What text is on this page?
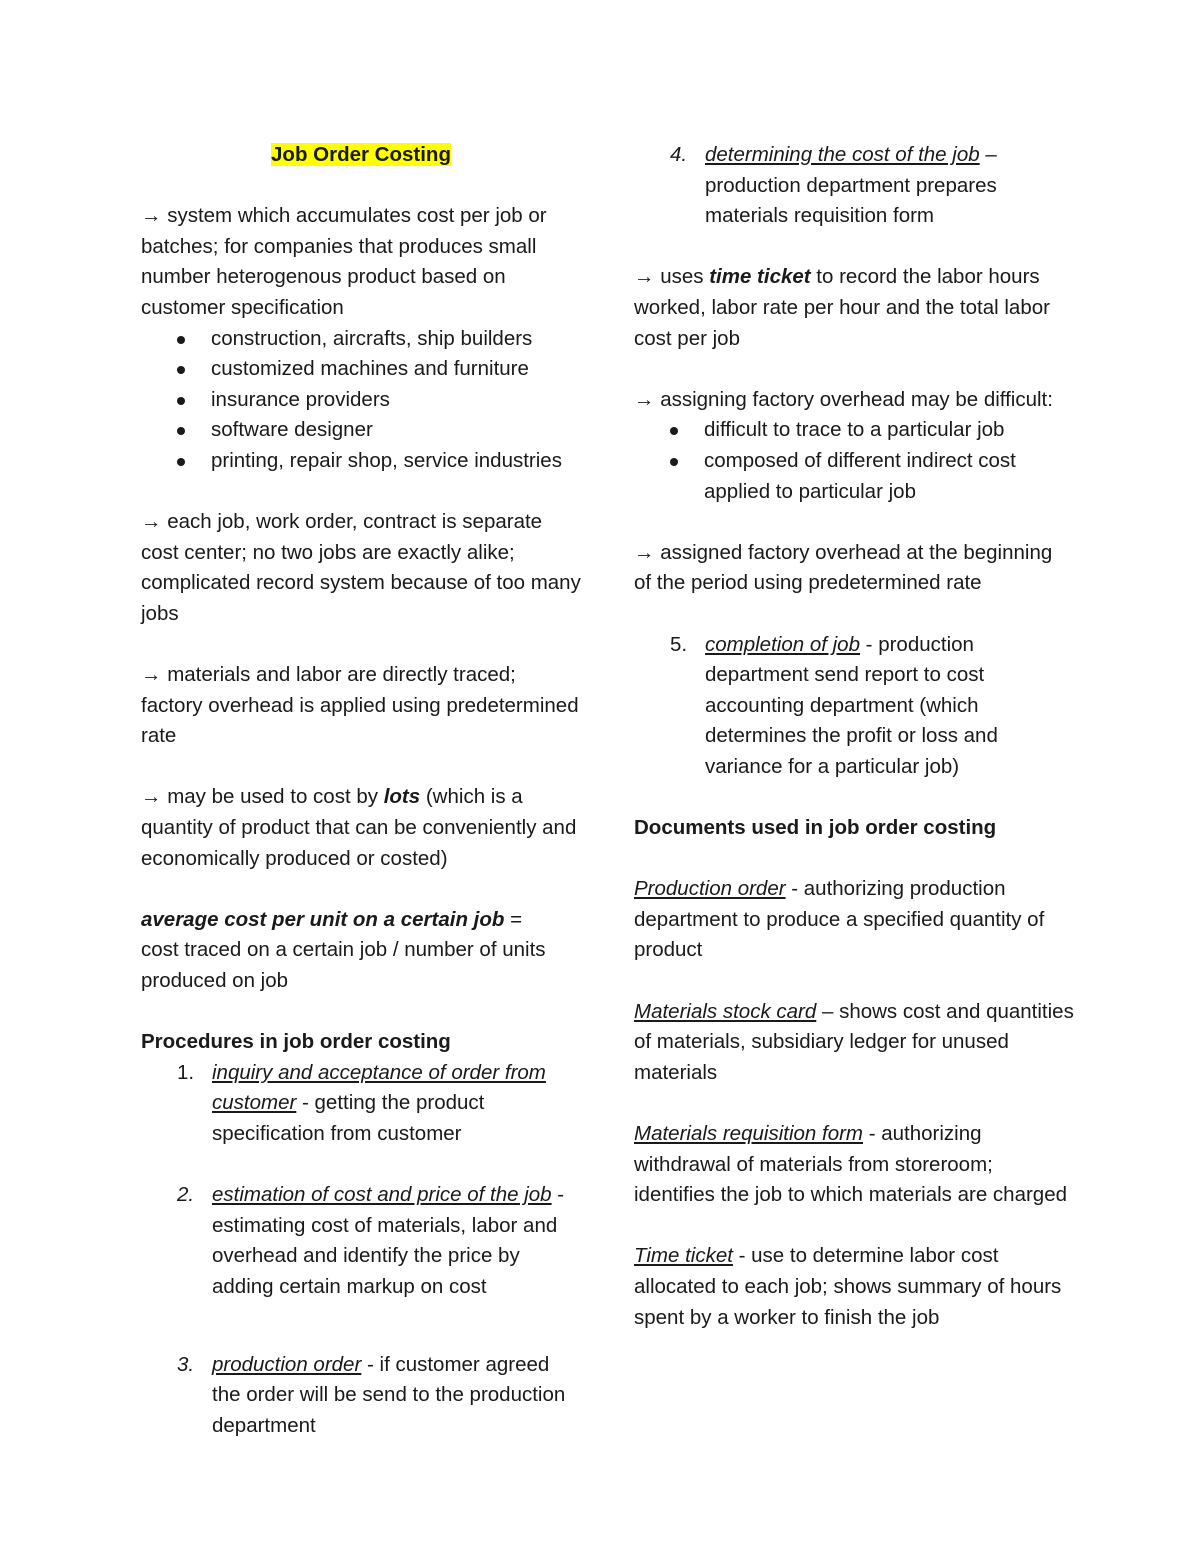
Job Order Costing

→ system which accumulates cost per job or batches; for companies that produces small number heterogenous product based on customer specification

construction, aircrafts, ship builders
customized machines and furniture
insurance providers
software designer
printing, repair shop, service industries

→ each job, work order, contract is separate cost center; no two jobs are exactly alike; complicated record system because of too many jobs

→ materials and labor are directly traced; factory overhead is applied using predetermined rate

→ may be used to cost by lots (which is a quantity of product that can be conveniently and economically produced or costed)

average cost per unit on a certain job =
cost traced on a certain job / number of units produced on job

Procedures in job order costing

1. inquiry and acceptance of order from customer - getting the product specification from customer
2. estimation of cost and price of the job - estimating cost of materials, labor and overhead and identify the price by adding certain markup on cost
3. production order - if customer agreed the order will be send to the production department
4. determining the cost of the job – production department prepares materials requisition form

→ uses time ticket to record the labor hours worked, labor rate per hour and the total labor cost per job

→ assigning factory overhead may be difficult:

difficult to trace to a particular job
composed of different indirect cost applied to particular job

→ assigned factory overhead at the beginning of the period using predetermined rate

5. completion of job - production department send report to cost accounting department (which determines the profit or loss and variance for a particular job)

Documents used in job order costing

Production order - authorizing production department to produce a specified quantity of product

Materials stock card – shows cost and quantities of materials, subsidiary ledger for unused materials

Materials requisition form - authorizing withdrawal of materials from storeroom; identifies the job to which materials are charged

Time ticket - use to determine labor cost allocated to each job; shows summary of hours spent by a worker to finish the job
